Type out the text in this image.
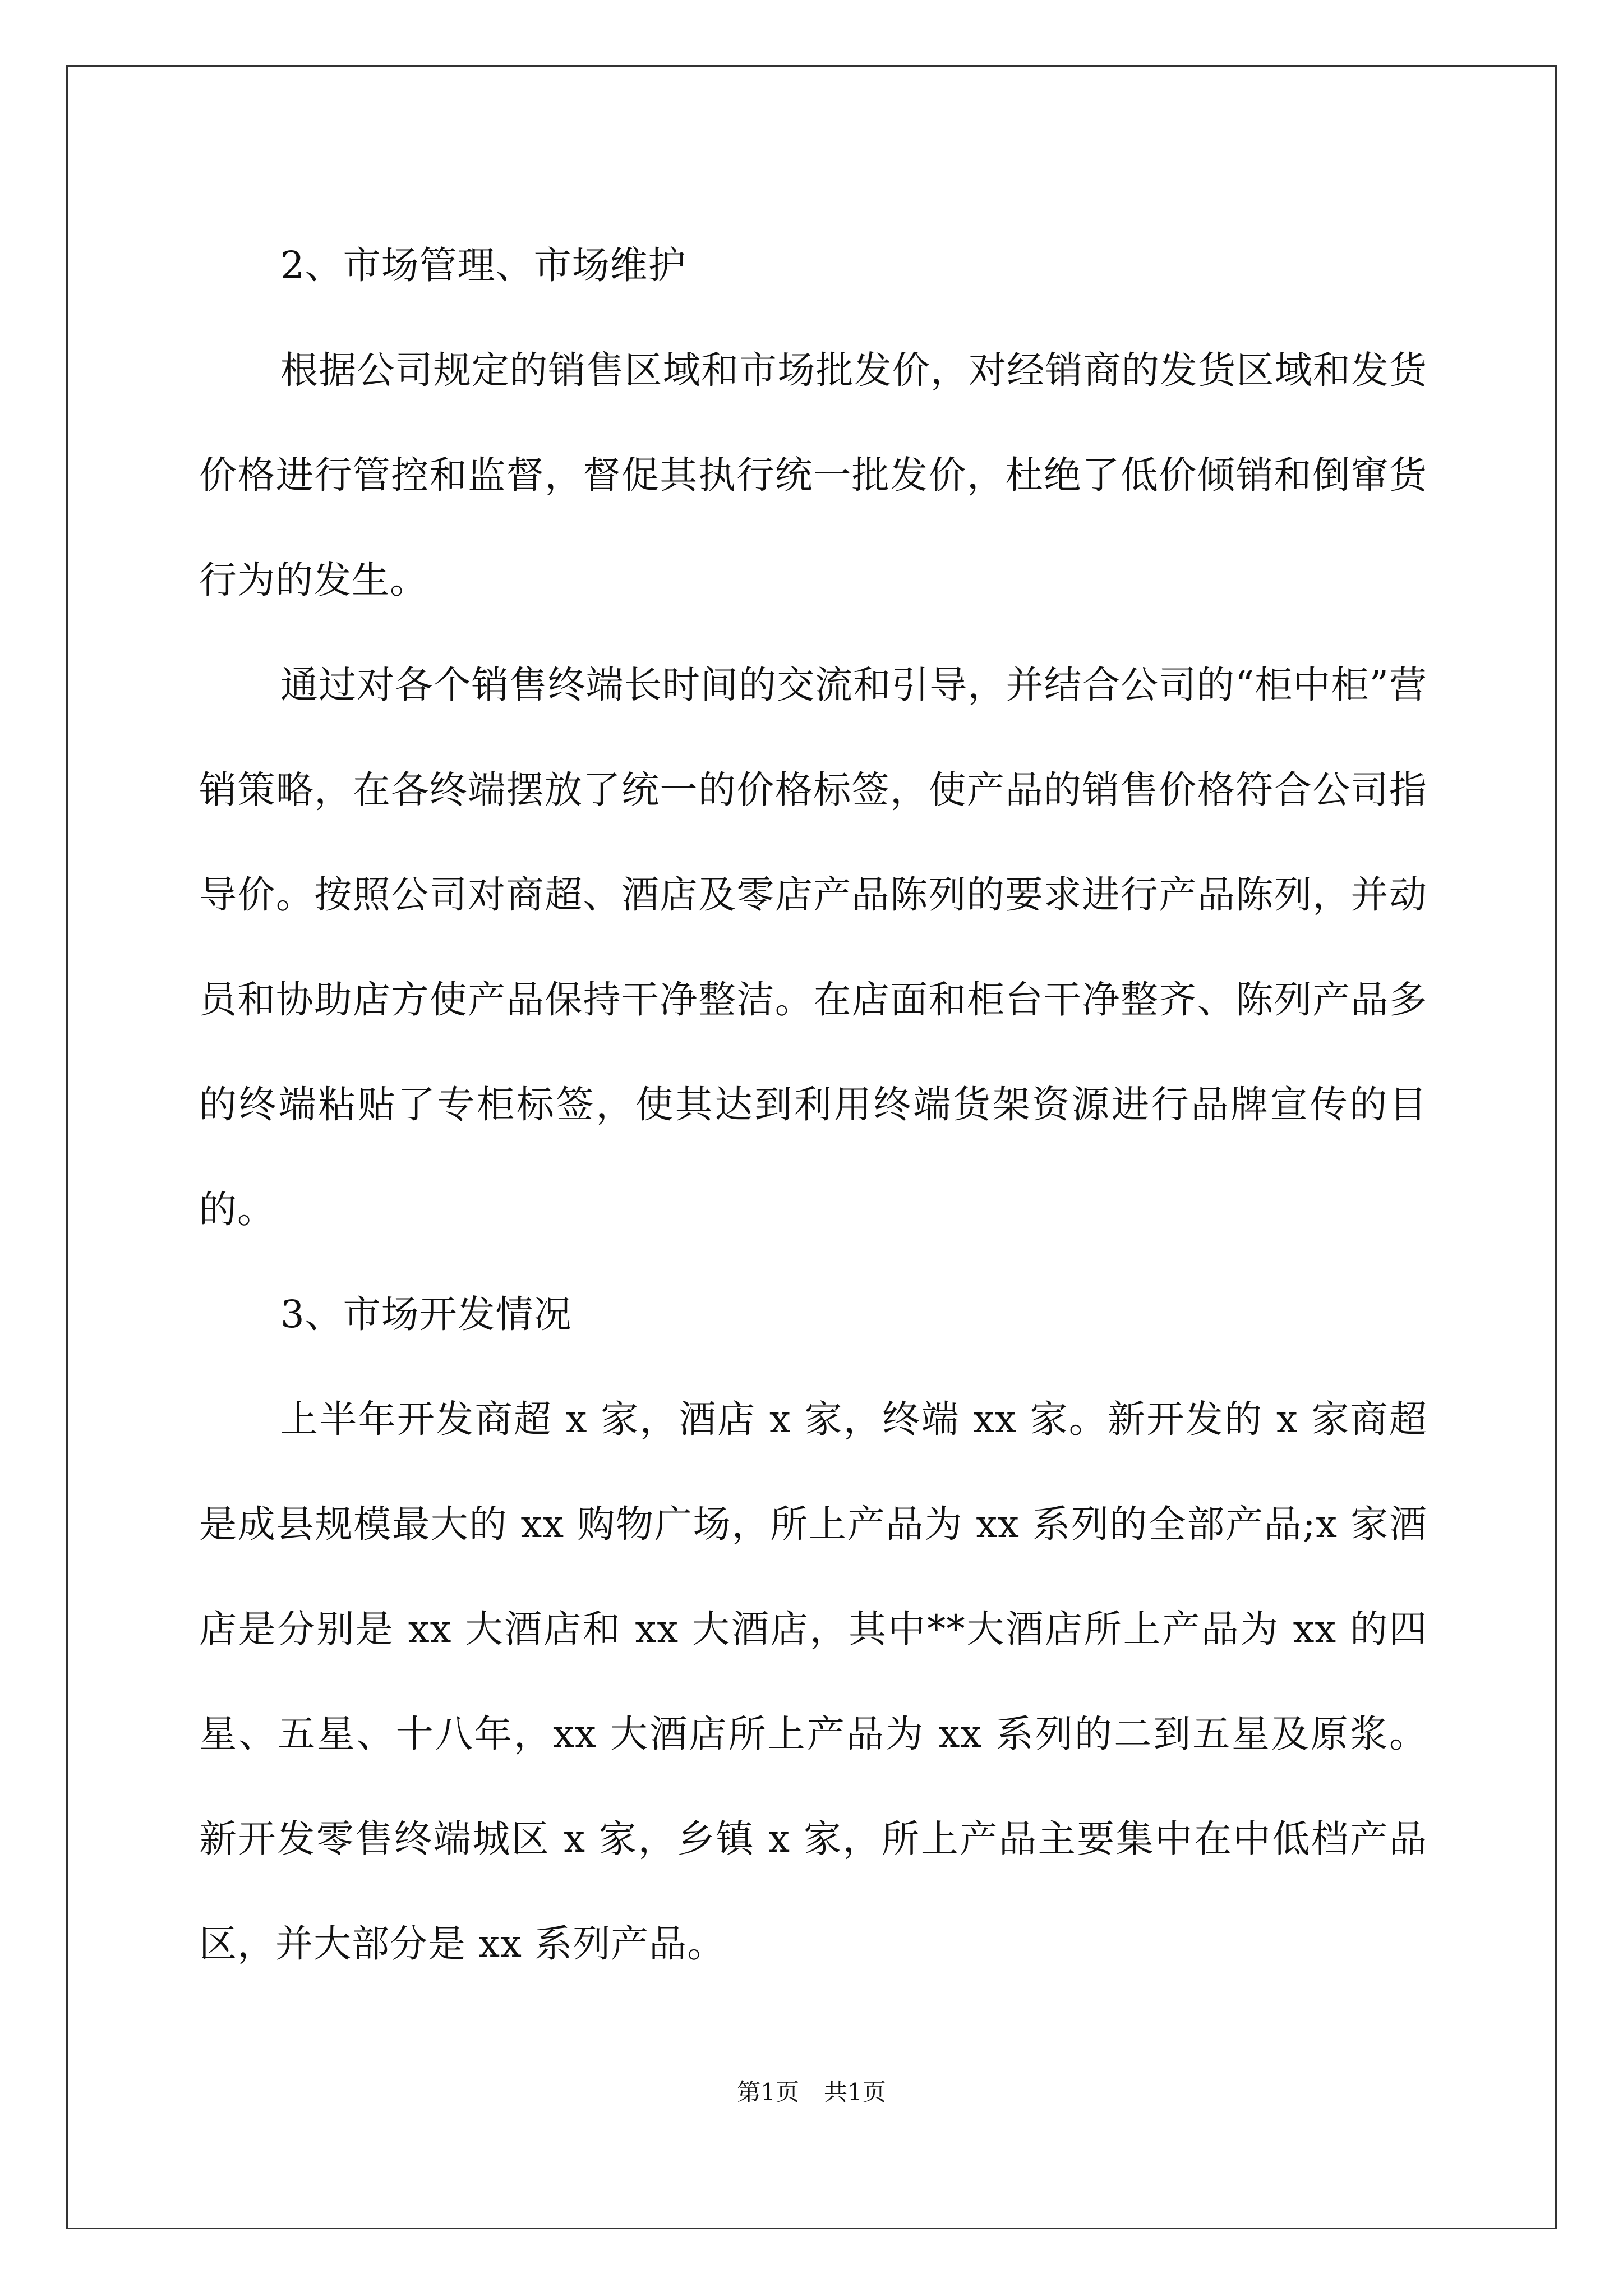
2、市场管理、市场维护

根据公司规定的销售区域和市场批发价，对经销商的发货区域和发货价格进行管控和监督，督促其执行统一批发价，杜绝了低价倾销和倒窜货行为的发生。

通过对各个销售终端长时间的交流和引导，并结合公司的“柜中柜”营销策略，在各终端摆放了统一的价格标签，使产品的销售价格符合公司指导价。按照公司对商超、酒店及零店产品陈列的要求进行产品陈列，并动员和协助店方使产品保持干净整洁。在店面和柜台干净整齐、陈列产品多的终端粘贴了专柜标签，使其达到利用终端货架资源进行品牌宣传的目的。

3、市场开发情况

上半年开发商超 x 家，酒店 x 家，终端 xx 家。新开发的 x 家商超是成县规模最大的 xx 购物广场，所上产品为 xx 系列的全部产品;x 家酒店是分别是 xx 大酒店和 xx 大酒店，其中**大酒店所上产品为 xx 的四星、五星、十八年，xx 大酒店所上产品为 xx 系列的二到五星及原浆。新开发零售终端城区 x 家，乡镇 x 家，所上产品主要集中在中低档产品区，并大部分是 xx 系列产品。

第1页 共1页
